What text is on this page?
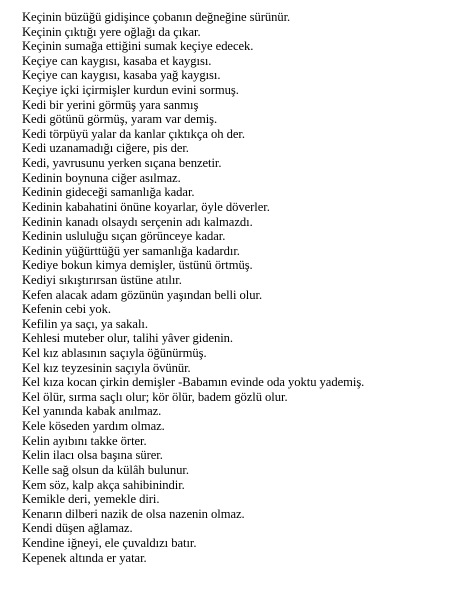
Keçinin büzüğü gidişince çobanın değneğine sürünür.
Keçinin çıktığı yere oğlağı da çıkar.
Keçinin sumağa ettiğini sumak keçiye edecek.
Keçiye can kaygısı, kasaba et kaygısı.
Keçiye can kaygısı, kasaba yağ kaygısı.
Keçiye içki içirmişler kurdun evini sormuş.
Kedi bir yerini görmüş yara sanmış
Kedi götünü görmüş, yaram var demiş.
Kedi törpüyü yalar da kanlar çıktıkça oh der.
Kedi uzanamadığı ciğere, pis der.
Kedi, yavrusunu yerken sıçana benzetir.
Kedinin boynuna ciğer asılmaz.
Kedinin gideceği samanlığa kadar.
Kedinin kabahatini önüne koyarlar, öyle döverler.
Kedinin kanadı olsaydı serçenin adı kalmazdı.
Kedinin usluluğu sıçan görünceye kadar.
Kedinin yüğürttüğü yer samanlığa kadardır.
Kediye bokun kimya demişler, üstünü örtmüş.
Kediyi sıkıştırırsan üstüne atılır.
Kefen alacak adam gözünün yaşından belli olur.
Kefenin cebi yok.
Kefilin ya saçı, ya sakalı.
Kehlesi muteber olur, talihi yâver gidenin.
Kel kız ablasının saçıyla öğünürmüş.
Kel kız teyzesinin saçıyla övünür.
Kel kıza kocan çirkin demişler -Babamın evinde oda yoktu yademiş.
Kel ölür, sırma saçlı olur; kör ölür, badem gözlü olur.
Kel yanında kabak anılmaz.
Kele köseden yardım olmaz.
Kelin ayıbını takke örter.
Kelin ilacı olsa başına sürer.
Kelle sağ olsun da külâh bulunur.
Kem söz, kalp akça sahibinindir.
Kemikle deri, yemekle diri.
Kenarın dilberi nazik de olsa nazenin olmaz.
Kendi düşen ağlamaz.
Kendine iğneyi, ele çuvaldızı batır.
Kepenek altında er yatar.
